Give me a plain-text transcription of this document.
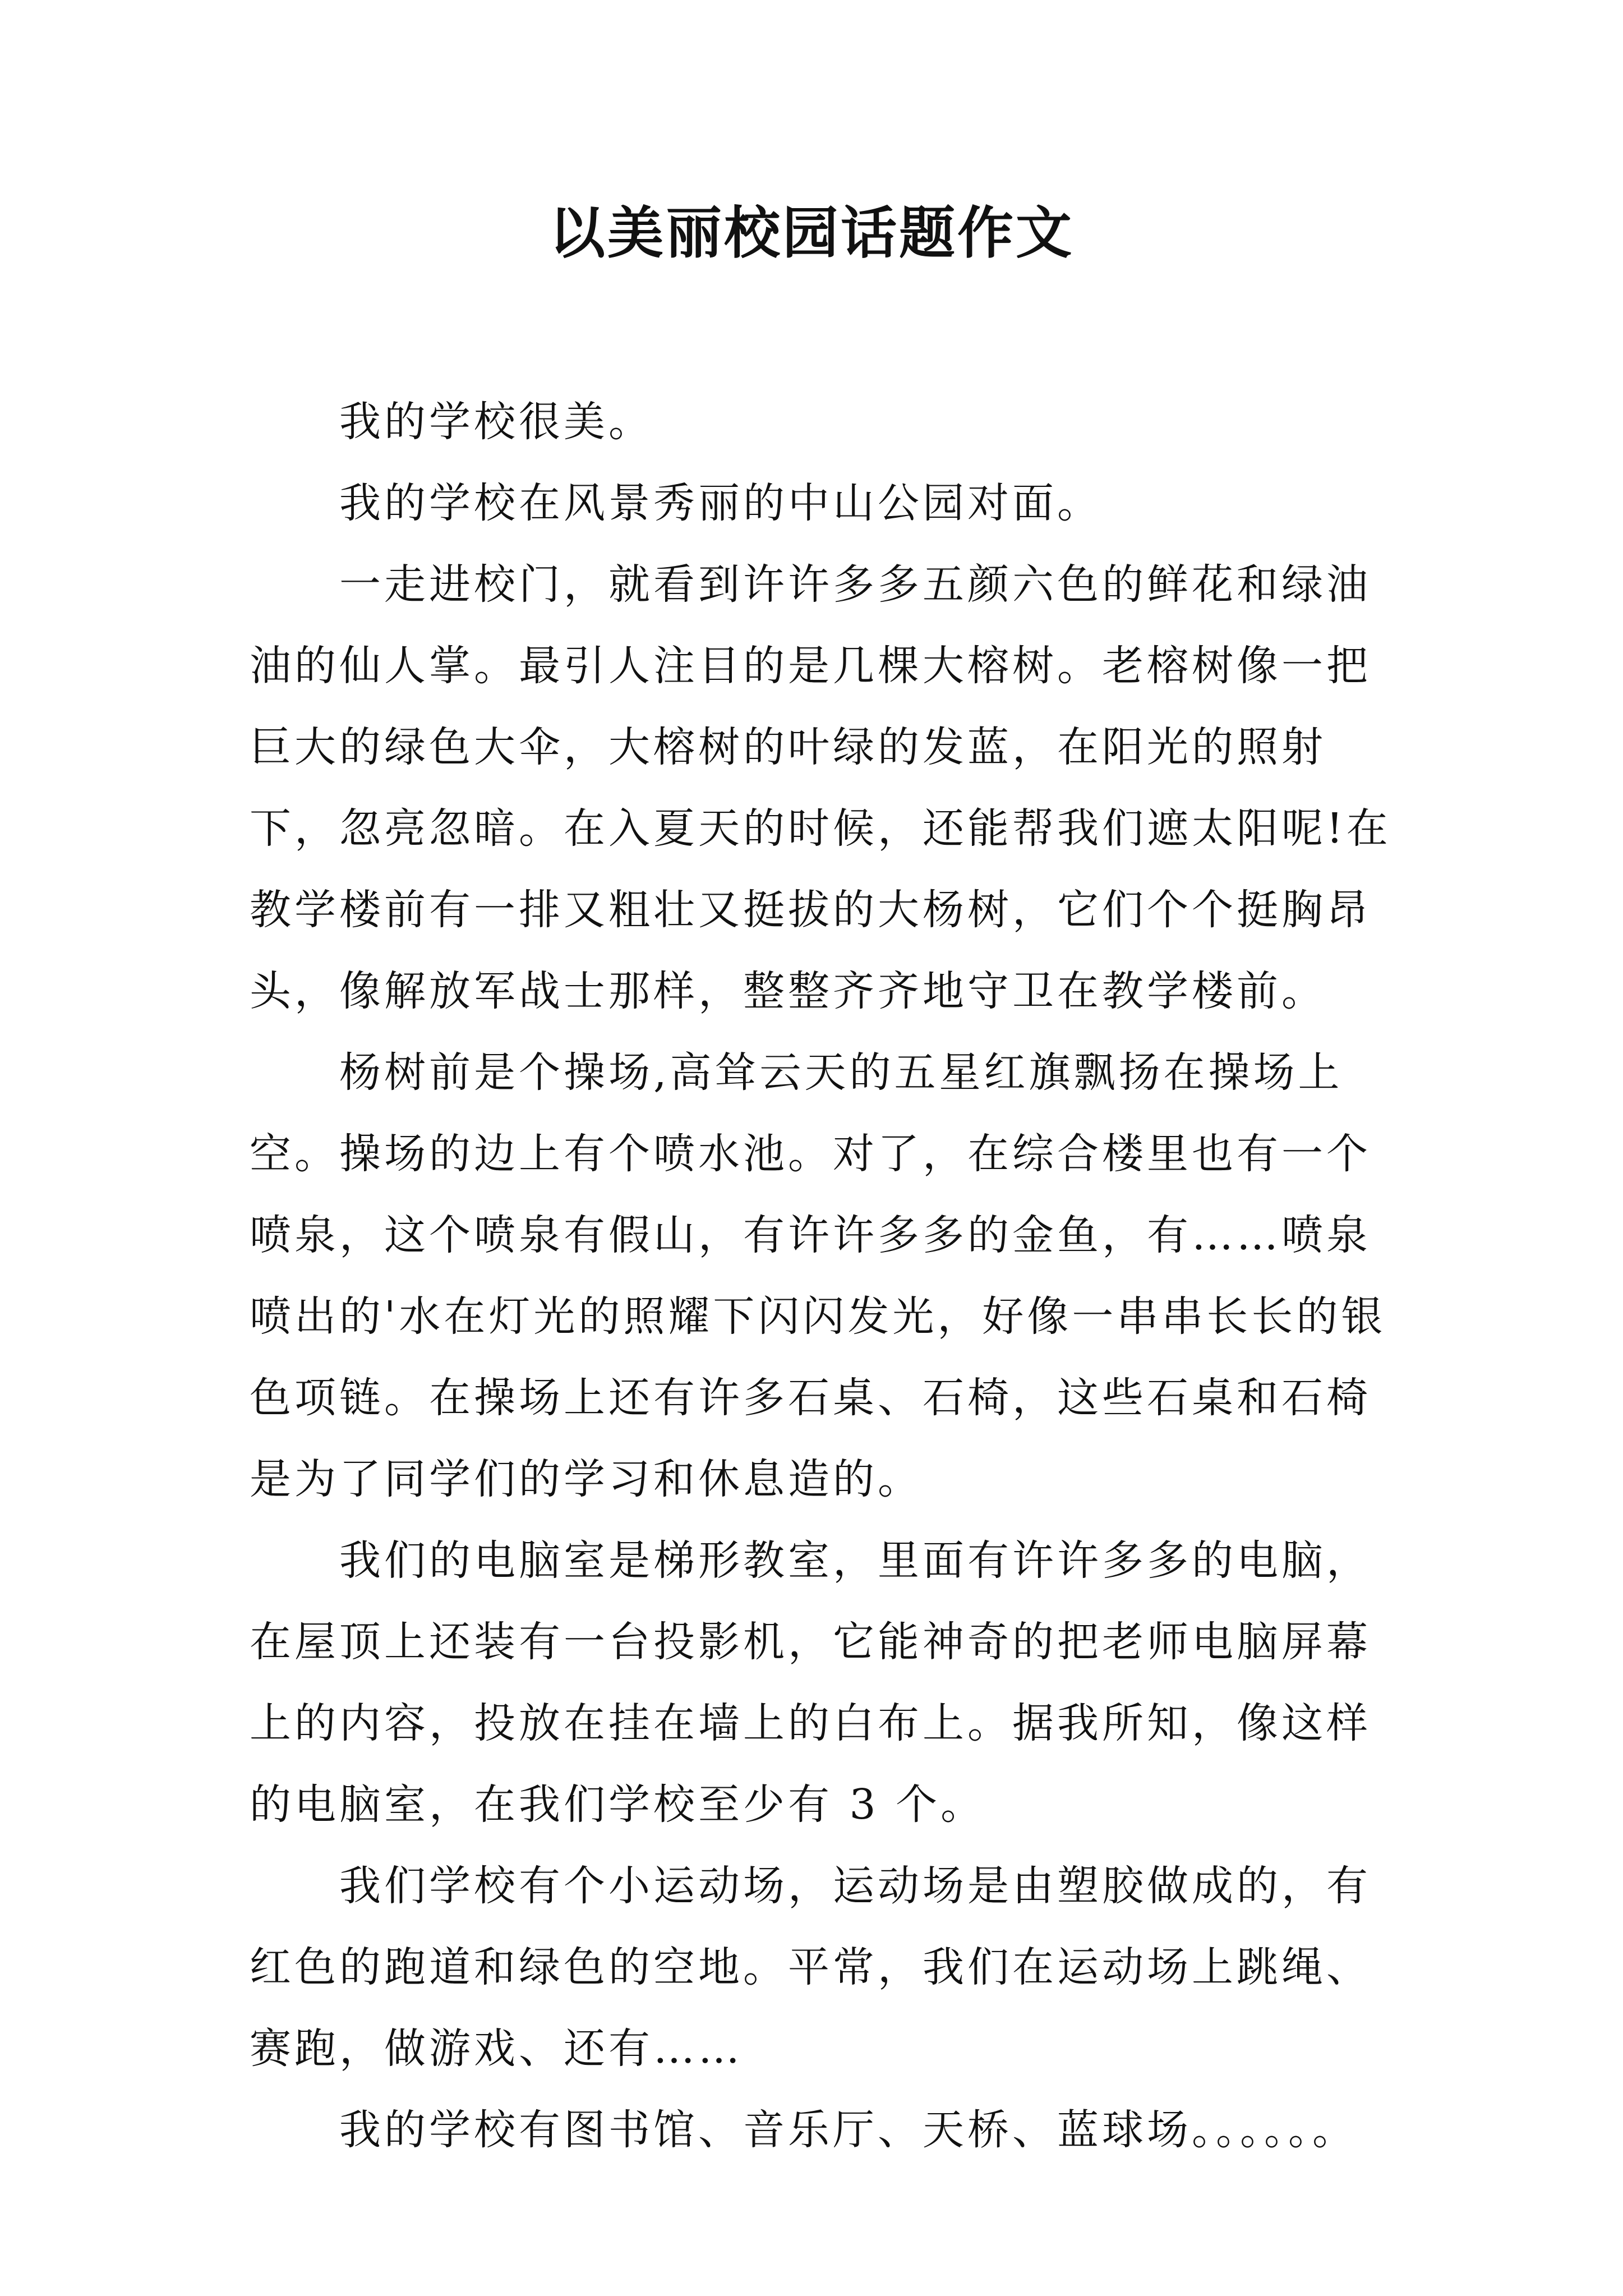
以美丽校园话题作文

我的学校很美。

我的学校在风景秀丽的中山公园对面。

一走进校门，就看到许许多多五颜六色的鲜花和绿油油的仙人掌。最引人注目的是几棵大榕树。老榕树像一把巨大的绿色大伞，大榕树的叶绿的发蓝，在阳光的照射下，忽亮忽暗。在入夏天的时候，还能帮我们遮太阳呢!在教学楼前有一排又粗壮又挺拔的大杨树，它们个个挺胸昂头，像解放军战士那样，整整齐齐地守卫在教学楼前。

杨树前是个操场,高耸云天的五星红旗飘扬在操场上空。操场的边上有个喷水池。对了，在综合楼里也有一个喷泉，这个喷泉有假山，有许许多多的金鱼，有……喷泉喷出的'水在灯光的照耀下闪闪发光，好像一串串长长的银色项链。在操场上还有许多石桌、石椅，这些石桌和石椅是为了同学们的学习和休息造的。

我们的电脑室是梯形教室，里面有许许多多的电脑，在屋顶上还装有一台投影机，它能神奇的把老师电脑屏幕上的内容，投放在挂在墙上的白布上。据我所知，像这样的电脑室，在我们学校至少有 3 个。

我们学校有个小运动场，运动场是由塑胶做成的，有红色的跑道和绿色的空地。平常，我们在运动场上跳绳、赛跑，做游戏、还有……

我的学校有图书馆、音乐厅、天桥、蓝球场。。。。。。
